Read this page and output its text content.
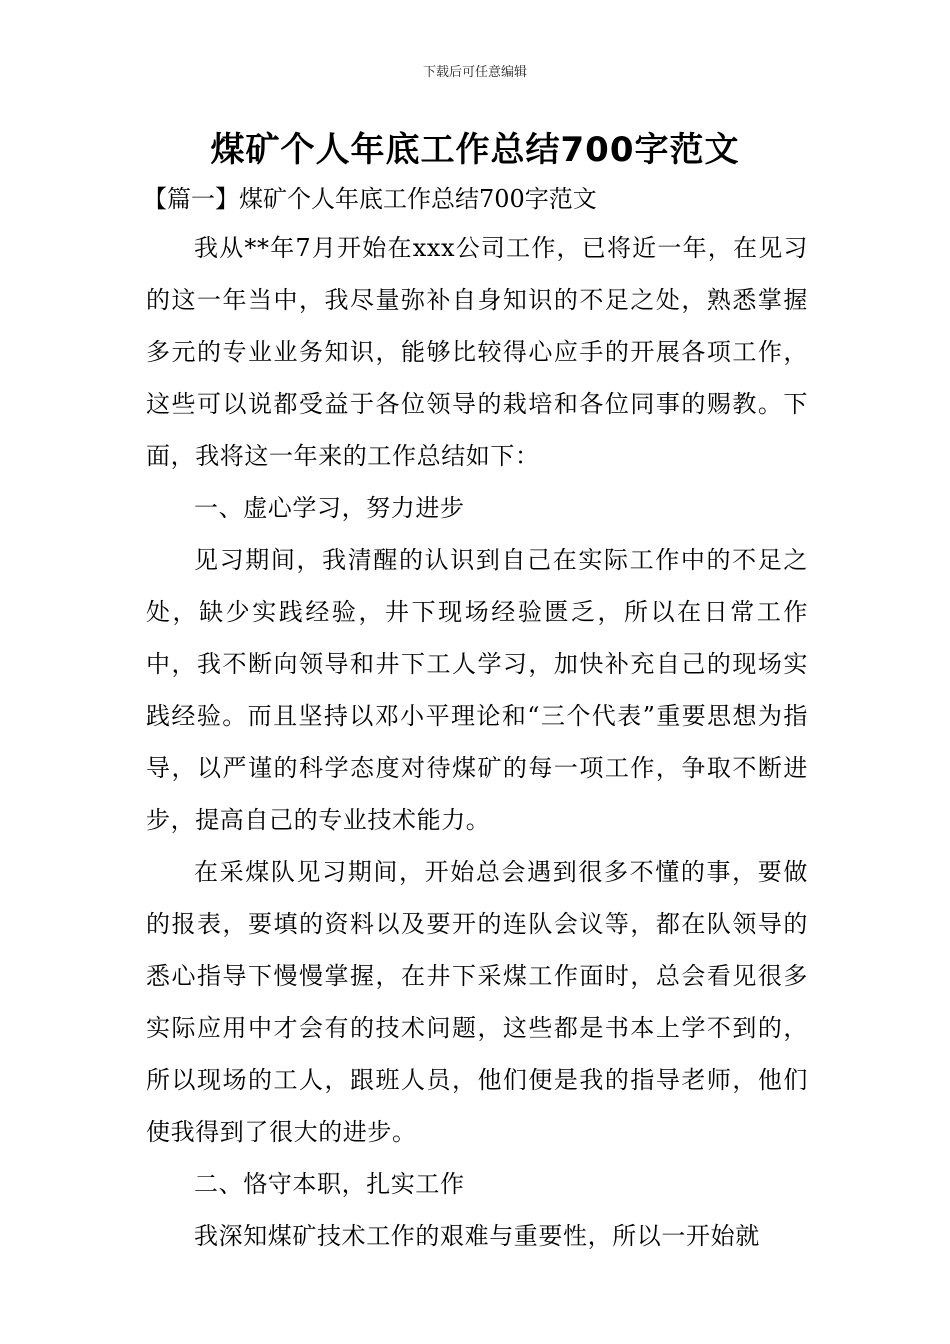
下载后可任意编辑
煤矿个人年底工作总结700字范文
【篇一】煤矿个人年底工作总结700字范文

我从**年7月开始在xxx公司工作，已将近一年，在见习的这一年当中，我尽量弥补自身知识的不足之处，熟悉掌握多元的专业业务知识，能够比较得心应手的开展各项工作，这些可以说都受益于各位领导的栽培和各位同事的赐教。下面，我将这一年来的工作总结如下：

一、虚心学习，努力进步

见习期间，我清醒的认识到自己在实际工作中的不足之处，缺少实践经验，井下现场经验匮乏，所以在日常工作中，我不断向领导和井下工人学习，加快补充自己的现场实践经验。而且坚持以邓小平理论和“三个代表”重要思想为指导，以严谨的科学态度对待煤矿的每一项工作，争取不断进步，提高自己的专业技术能力。

在采煤队见习期间，开始总会遇到很多不懂的事，要做的报表，要填的资料以及要开的连队会议等，都在队领导的悉心指导下慢慢掌握，在井下采煤工作面时，总会看见很多实际应用中才会有的技术问题，这些都是书本上学不到的，所以现场的工人，跟班人员，他们便是我的指导老师，他们使我得到了很大的进步。

二、恪守本职，扎实工作

我深知煤矿技术工作的艰难与重要性，所以一开始就
